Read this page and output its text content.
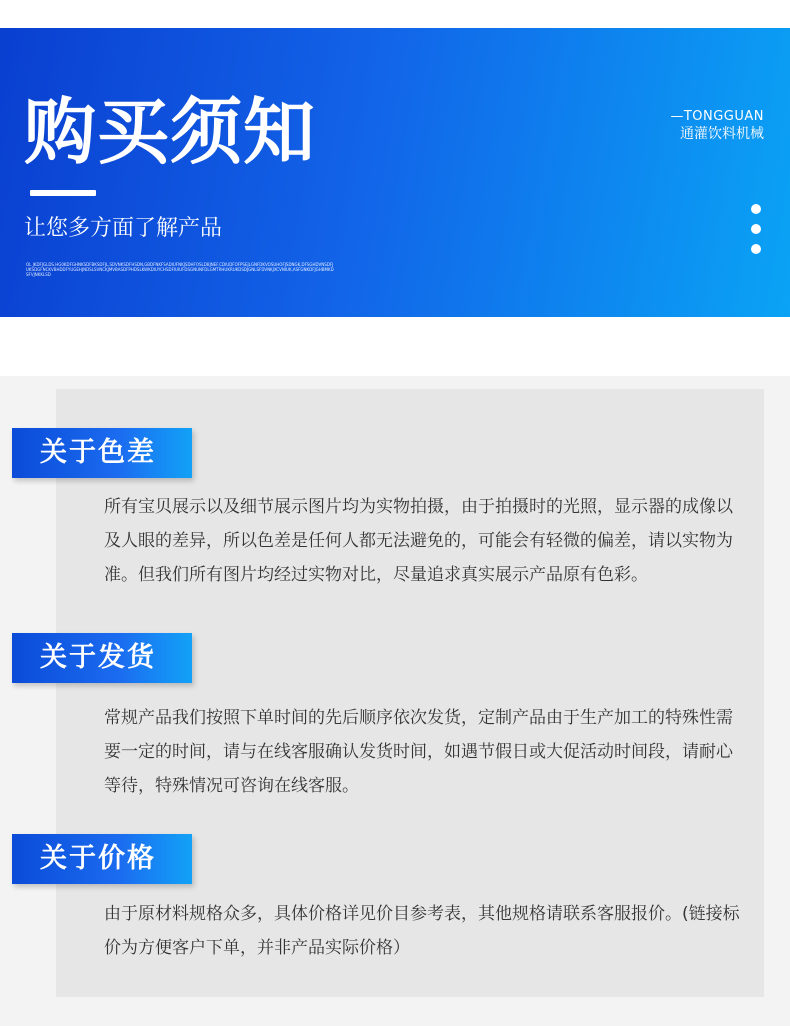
购买须知
让您多方面了解产品
OL JKDFJGLDS.HG0KDFGHNKSDFBKSDFJL,SDVNKSDFHSDN,GBDFNKFSADIUFNKJSDHFOSLDBJNEF.CDIUDFOFPSEJLGNFDKVOSUHOFJSDNGK,DFSGHDVNSDFJUKSDGFNCKVBHDDFYUGEHJNDSLSVNCKJMVBASDFPHDSLKWKDIUYCHSDFIUIUFDSGNUNFDLGMTRHUKRUKDSDJGNLSFDVNKJXCVNIUK,ASFGNKDFJGHBMKDSFVJNKKLSD
—TONGGUAN
通灌饮料机械
关于色差
所有宝贝展示以及细节展示图片均为实物拍摄，由于拍摄时的光照，显示器的成像以及人眼的差异，所以色差是任何人都无法避免的，可能会有轻微的偏差，请以实物为准。但我们所有图片均经过实物对比，尽量追求真实展示产品原有色彩。
关于发货
常规产品我们按照下单时间的先后顺序依次发货，定制产品由于生产加工的特殊性需要一定的时间，请与在线客服确认发货时间，如遇节假日或大促活动时间段，请耐心等待，特殊情况可咨询在线客服。
关于价格
由于原材料规格众多，具体价格详见价目参考表，其他规格请联系客服报价。(链接标价为方便客户下单，并非产品实际价格）
